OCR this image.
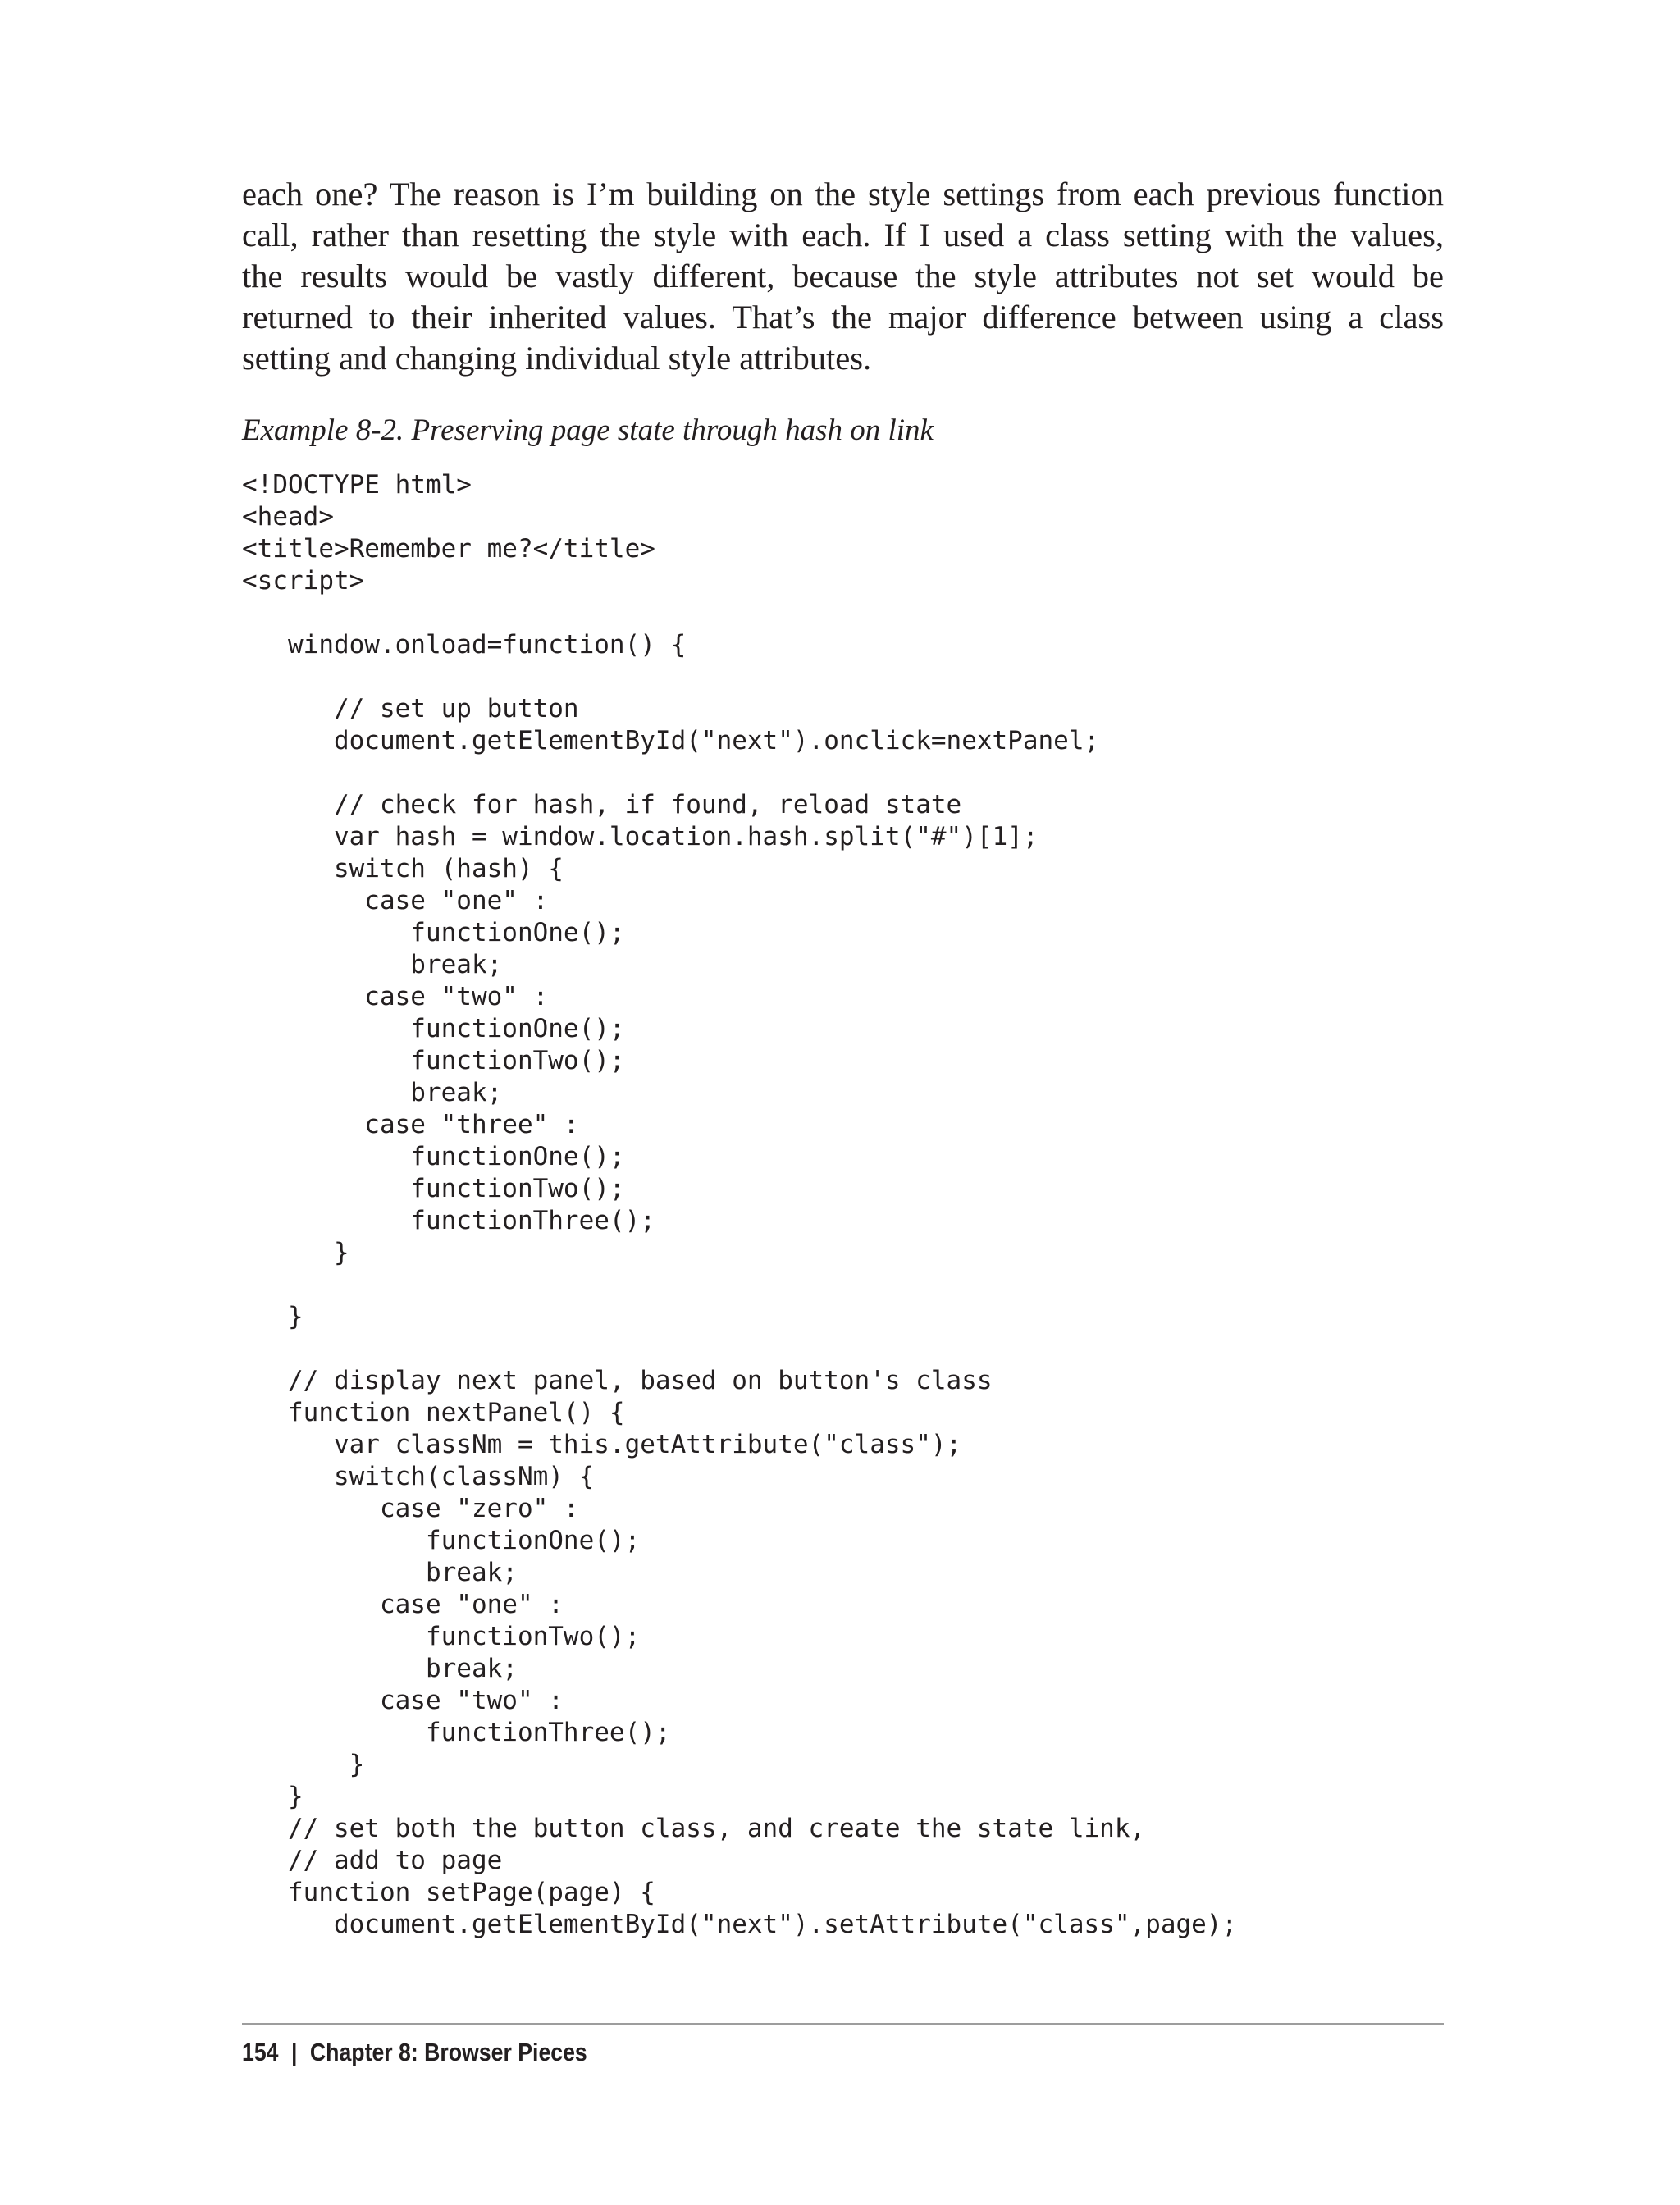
each one? The reason is I’m building on the style settings from each previous function
call, rather than resetting the style with each. If I used a class setting with the values,
the results would be vastly different, because the style attributes not set would be
returned to their inherited values. That’s the major difference between using a class
setting and changing individual style attributes.

Example 8-2. Preserving page state through hash on link
<!DOCTYPE html>
<head>
<title>Remember me?</title>
<script>
window.onload=function() {
// set up button
document.getElementById("next").onclick=nextPanel;
// check for hash, if found, reload state
var hash = window.location.hash.split("#")[1];
switch (hash) {
case "one" :
functionOne();
break;
case "two" :
functionOne();
functionTwo();
break;
case "three" :
functionOne();
functionTwo();
functionThree();
}
}
// display next panel, based on button's class
function nextPanel() {
var classNm = this.getAttribute("class");
switch(classNm) {
case "zero" :
functionOne();
break;
case "one" :
functionTwo();
break;
case "two" :
functionThree();
}
}
// set both the button class, and create the state link,
// add to page
function setPage(page) {
document.getElementById("next").setAttribute("class",page);
154 | Chapter 8: Browser Pieces
